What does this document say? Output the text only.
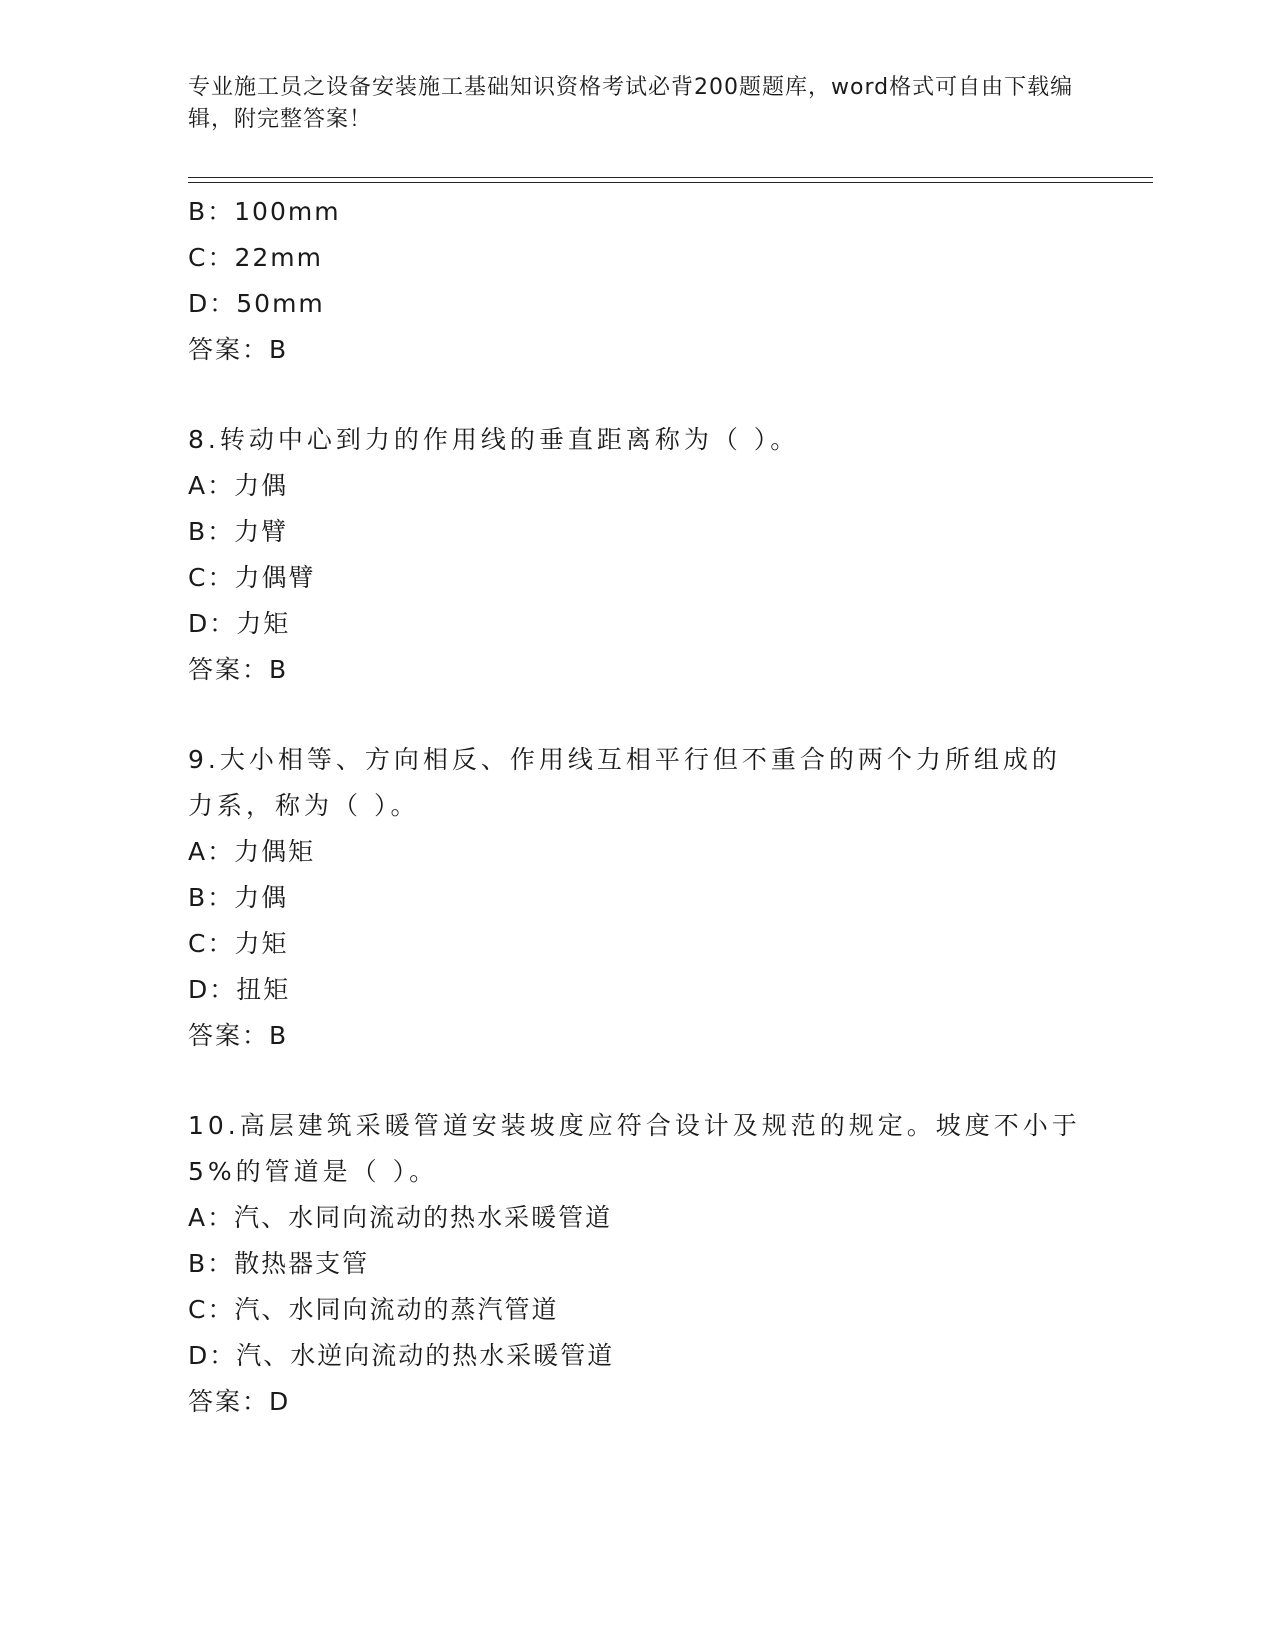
专业施工员之设备安装施工基础知识资格考试必背200题题库，word格式可自由下载编辑，附完整答案！
B：100mm
C：22mm
D：50mm
答案：B
8.转动中心到力的作用线的垂直距离称为（ ）。
A：力偶
B：力臂
C：力偶臂
D：力矩
答案：B
9.大小相等、方向相反、作用线互相平行但不重合的两个力所组成的力系，称为（ ）。
A：力偶矩
B：力偶
C：力矩
D：扭矩
答案：B
10.高层建筑采暖管道安装坡度应符合设计及规范的规定。坡度不小于5%的管道是（ ）。
A：汽、水同向流动的热水采暖管道
B：散热器支管
C：汽、水同向流动的蒸汽管道
D：汽、水逆向流动的热水采暖管道
答案：D
